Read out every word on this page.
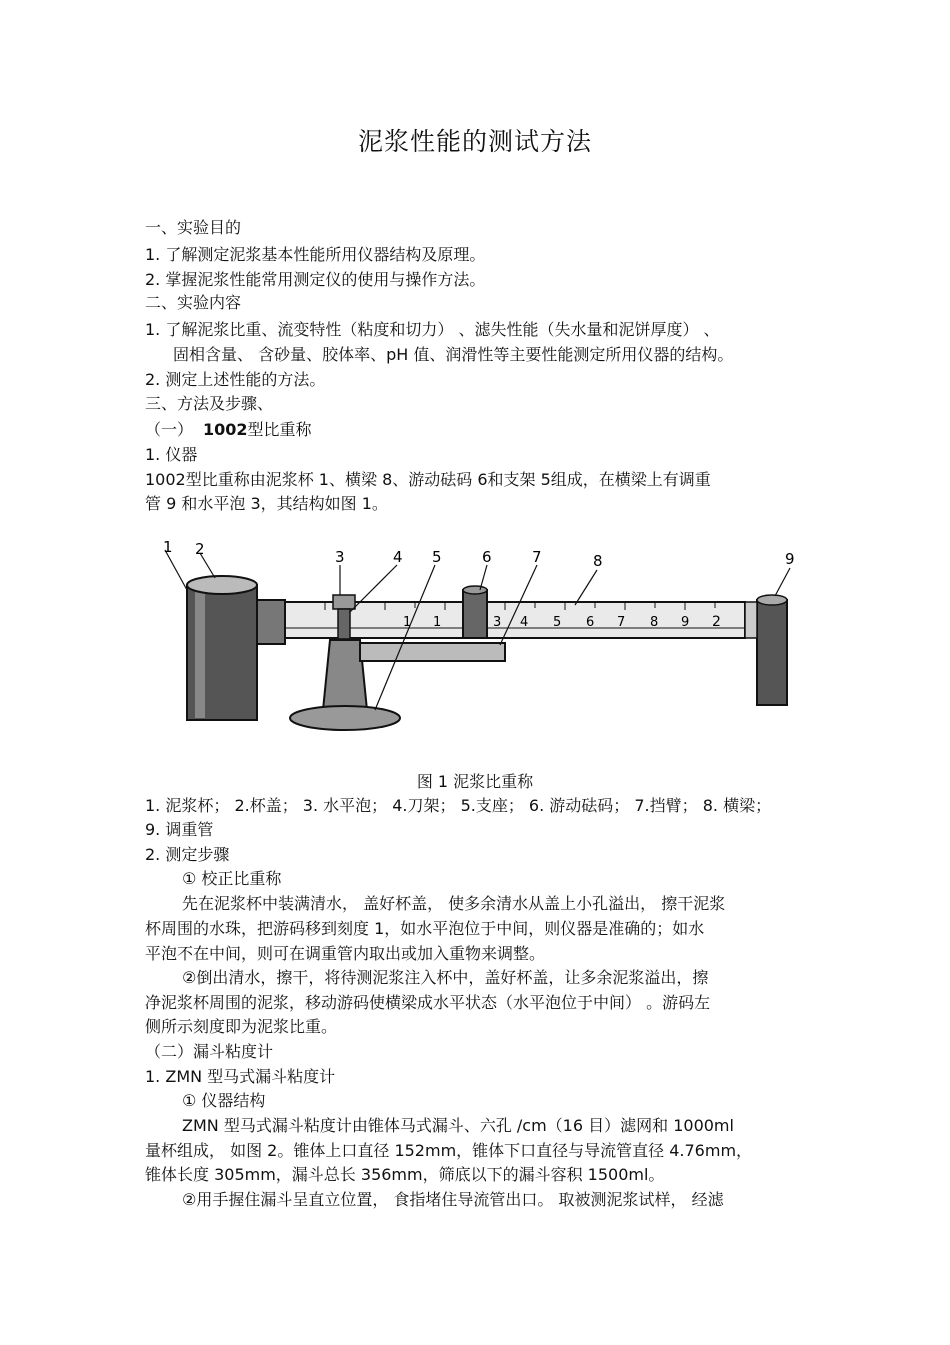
泥浆性能的测试方法
一、实验目的
1. 了解测定泥浆基本性能所用仪器结构及原理。
2. 掌握泥浆性能常用测定仪的使用与操作方法。
二、实验内容
1. 了解泥浆比重、流变特性（粘度和切力） 、滤失性能（失水量和泥饼厚度） 、
固相含量、 含砂量、胶体率、pH 值、润滑性等主要性能测定所用仪器的结构。
2. 测定上述性能的方法。
三、方法及步骤、
（一） 1002型比重称
1. 仪器
1002型比重称由泥浆杯 1、横梁 8、游动砝码 6和支架 5组成，在横梁上有调重
管 9 和水平泡 3，其结构如图 1。
1 1	3 4 5 6 7 8 9 2
1 2	3	4 5	6	7	8	9
图 1 泥浆比重称
1. 泥浆杯； 2.杯盖； 3. 水平泡； 4.刀架； 5.支座； 6. 游动砝码； 7.挡臂； 8. 横梁；
9. 调重管
2. 测定步骤
① 校正比重称
先在泥浆杯中装满清水， 盖好杯盖， 使多余清水从盖上小孔溢出， 擦干泥浆
杯周围的水珠，把游码移到刻度 1，如水平泡位于中间，则仪器是准确的；如水
平泡不在中间，则可在调重管内取出或加入重物来调整。
②倒出清水，擦干，将待测泥浆注入杯中，盖好杯盖，让多余泥浆溢出，擦
净泥浆杯周围的泥浆，移动游码使横梁成水平状态（水平泡位于中间） 。游码左
侧所示刻度即为泥浆比重。
（二）漏斗粘度计
1. ZMN 型马式漏斗粘度计
① 仪器结构
ZMN 型马式漏斗粘度计由锥体马式漏斗、六孔 /cm（16 目）滤网和 1000ml
量杯组成， 如图 2。锥体上口直径 152mm，锥体下口直径与导流管直径 4.76mm，
锥体长度 305mm，漏斗总长 356mm，筛底以下的漏斗容积 1500ml。
②用手握住漏斗呈直立位置， 食指堵住导流管出口。 取被测泥浆试样， 经滤
